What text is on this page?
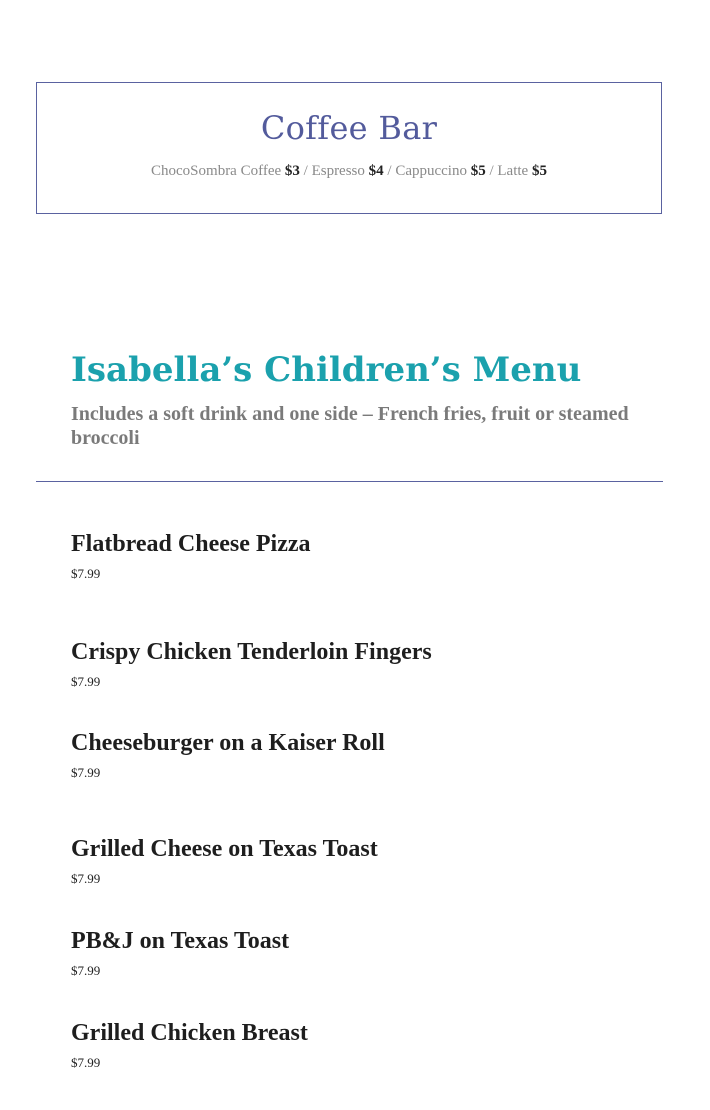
Coffee Bar
ChocoSombra Coffee $3 / Espresso $4 / Cappuccino $5 / Latte $5
Isabella’s Children’s Menu
Includes a soft drink and one side – French fries, fruit or steamed broccoli
Flatbread Cheese Pizza
$7.99
Crispy Chicken Tenderloin Fingers
$7.99
Cheeseburger on a Kaiser Roll
$7.99
Grilled Cheese on Texas Toast
$7.99
PB&J on Texas Toast
$7.99
Grilled Chicken Breast
$7.99
